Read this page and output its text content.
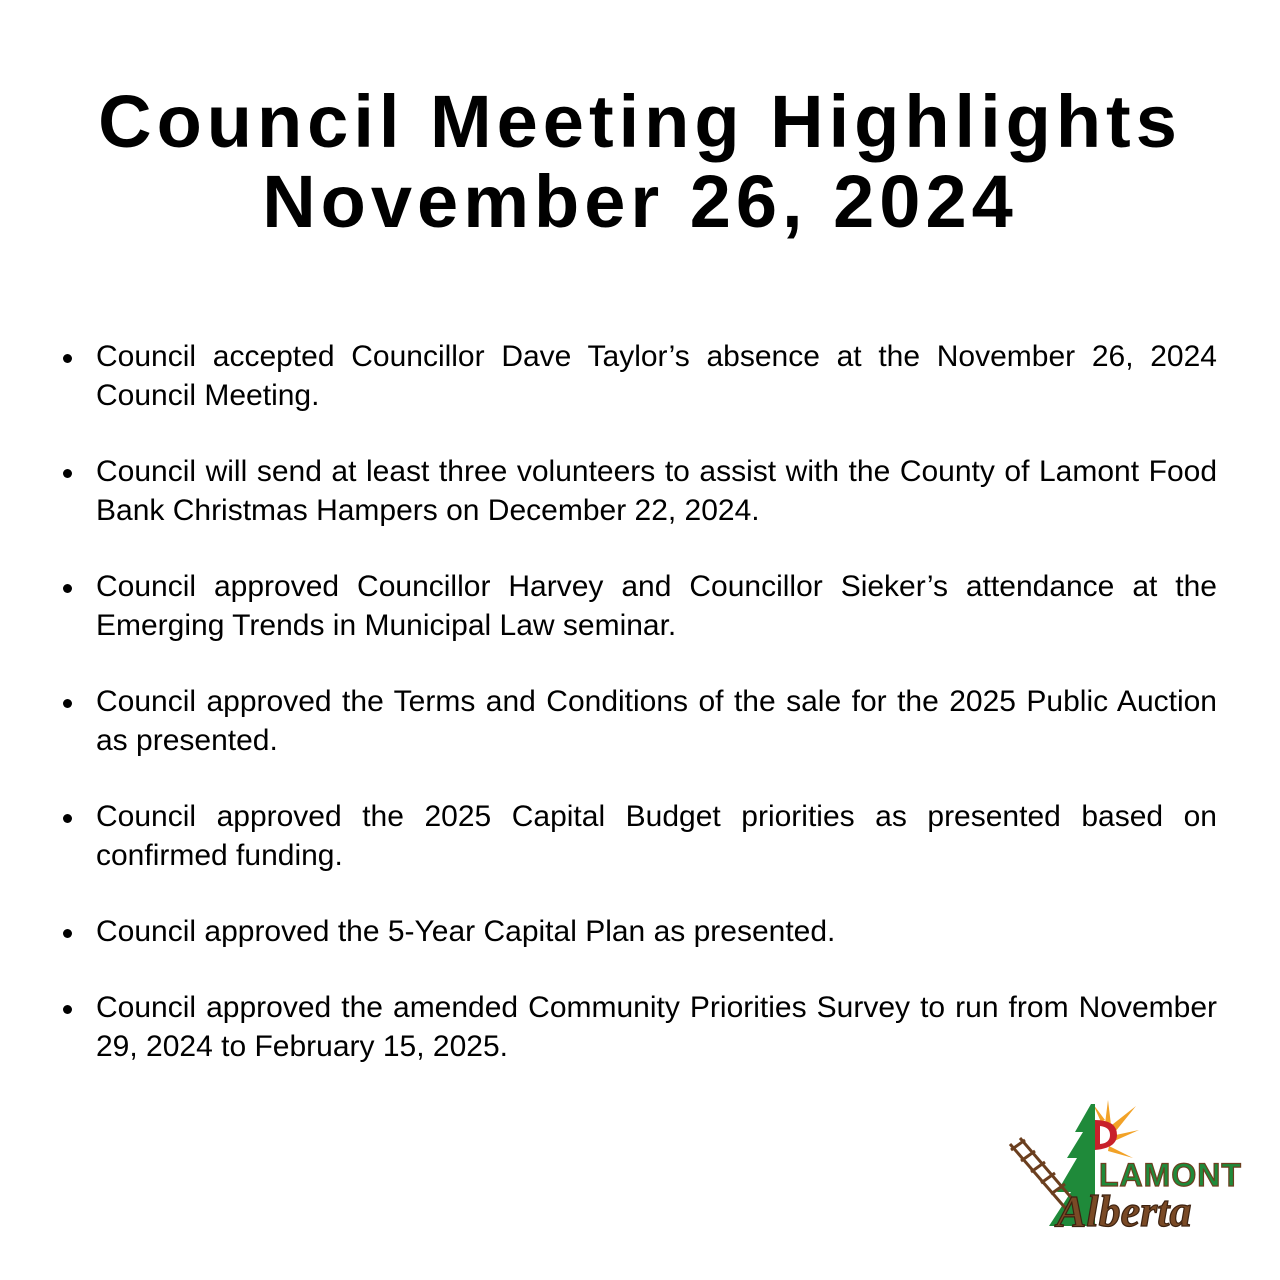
Council Meeting Highlights
November 26, 2024
Council accepted Councillor Dave Taylor’s absence at the November 26, 2024 Council Meeting.
Council will send at least three volunteers to assist with the County of Lamont Food Bank Christmas Hampers on December 22, 2024.
Council approved Councillor Harvey and Councillor Sieker’s attendance at the Emerging Trends in Municipal Law seminar.
Council approved the Terms and Conditions of the sale for the 2025 Public Auction as presented.
Council approved the 2025 Capital Budget priorities as presented based on confirmed funding.
Council approved the 5-Year Capital Plan as presented.
Council approved the amended Community Priorities Survey to run from November 29, 2024 to February 15, 2025.
LAMONT
Alberta
